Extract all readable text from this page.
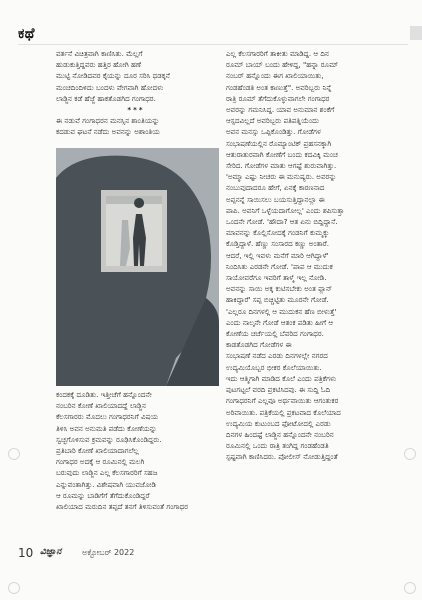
ಕಥೆ
ವರ್ತನೆ ವಿಚಿತ್ರವಾಗಿ ಕಾಣಿಸಿತು. ಮೆಲ್ಲಗೆ
ಹುಡುಕುತ್ತಿದ್ದವರು ಹತ್ತಿರ ಹೋಗಿ ಹಣೆ
ಮುಟ್ಟಿ ನೋಡಿದವರ ಕೈಯನ್ನು ದೂರ ಸರಿಸಿ ಧಡಕ್ಕನೆ
ಮಂಚದಿಂದಿಳಿದು ಬಂದಳು ವೇಗವಾಗಿ ಹೋದಳು
ಲಾಡ್ಜಿನ ಕಡೆ ಹೆಜ್ಜೆ ಹಾಕತೊಡಗಿದ ಗಂಗಾಧರ.
***
ಈ ನಡುವೆ ಗಂಗಾಧರನ ಮನಸ್ಸಿನ ಶಾಂತಿಯನ್ನು
ಕದಡುವ ಘಟನೆ ನಡೆದು ಅವನನ್ನು ಅಶಾಂತಿಯ
ಕಂದಕಕ್ಕೆ ದೂಡಿತು. ಇತ್ತೀಚೆಗೆ ಹನ್ನೊಂದನೇ
ನಂಬರಿನ ಕೋಣೆ ಖಾಲಿಯಾದದ್ದೆ ಲಾಡ್ಜಿನ
ಕೆಲಸಗಾರರು ಮೊದಲು ಗಂಗಾಧರನಿಗೆ ವಿಷಯ
ತಿಳಿಸಿ ಅವನ ಅನುಮತಿ ಪಡೆದು ಕೋಣೆಯನ್ನು
ಸ್ವಚ್ಛಗೊಳಿಸುವ ಕ್ರಮವನ್ನು ರೂಢಿಸಿಕೊಂಡಿದ್ದರು.
ಪ್ರತಿಬಾರಿ ಕೋಣೆ ಖಾಲಿಯಾದಾಗಲೆಲ್ಲ
ಗಂಗಾಧರ ಅದಕ್ಕೆ ಆ ರೂಮಿನಲ್ಲಿ ಮಲಗಿ
ಬರುವುದು ಲಾಡ್ಜಿನ ಎಲ್ಲ ಕೆಲಸಗಾರರಿಗೆ ಸಹಜ
ಎನ್ನುವಂತಾಗಿತ್ತು. ವಿಶೇಷವಾಗಿ ಯುವಜೋಡಿ
ಆ ರೂಮನ್ನು ಬಾಡಿಗೆಗೆ ತೆಗೆದುಕೊಂಡಿದ್ದರೆ
ಖಾಲಿಯಾದ ಮರುದಿನ ತಪ್ಪದೆ ತನಗೆ ತಿಳಿಸುವಂತೆ ಗಂಗಾಧರ
ಎಲ್ಲ ಕೆಲಸಗಾರರಿಗೆ ತಾಕೀತು ಮಾಡಿದ್ದ. ಆ ದಿನ
ರೂಮ್ ಬಾಯ್ ಬಂದು ಹೇಳಿದ್ದ, "ಹನ್ನಾ ರೂಮ್
ನಂಬರ್ ಹನ್ನೊಂದು ಈಗ ಖಾಲಿಯಾಯಿತು,
ಗಂಡಹೆಂಡತಿ ಅಂತ ಕಾಣುತ್ತೆ". ಅವರಿಬ್ಬರು ನಿನ್ನೆ
ರಾತ್ರಿ ರೂಮ್ ತೆಗೆದುಕೊಳ್ಳುವಾಗಲೇ ಗಂಗಾಧರ
ಅವರನ್ನು ಗಮನಿಸಿದ್ದ. ಯಾವ ಅನುಮಾನ ಶಂಕೆಗೆ
ಆಸ್ಪದವಿಲ್ಲದೆ ಅವರಿಬ್ಬರು ಪತಿಪತ್ನಿಯೆಂದು
ಅವನ ಮನಸ್ಸು ಒಪ್ಪಿಕೊಂಡಿತ್ತು. ಗೋಡೆಗಳ
ಸಂಭಾಷಣೆಯಲ್ಲಿನ ರೊಮ್ಯಾಂಟಿಕ್ ಪ್ರಹಸನಕ್ಕಾಗಿ
ಆತುರಾತುರವಾಗಿ ಕೋಣೆಗೆ ಬಂದು ಕದವಿಕ್ಕಿ ಮಂಚ
ಸೇರಿದ. ಗೋಡೆಗಳ ಮಾತು ಆಗಷ್ಟೆ ಶುರುವಾಗಿತ್ತು.
'ಅಮ್ಮಾ ಎಷ್ಟು ನೀಚರು ಈ ಮನುಷ್ಯರು. ಅವರನ್ನು
ನಂಬುವುದಾದರೂ ಹೇಗೆ, ಏನಕ್ಕೆ ಕಾರಣನಾದ
ಅಪ್ಪನನ್ನೆ ಸಾಯಿಸಲು ಬಯಸುತ್ತಿದ್ದಾನಲ್ಲಾ ಈ
ಪಾಪಿ. ಅವನಿಗೆ ಒಳ್ಳೆಯದಾಗೋಲ್ಲ' ಎಂದು ಶಪಿಸುತ್ತಾ
ಒಂದನೇ ಗೋಡೆ. 'ಹೌದಾ? ಆತ ಏನು ಬಿದ್ದಿದ್ದಾನೆ.
ಮಾವನನ್ನು ಕೊಲ್ಲಿಸೋದಕ್ಕೆ ಗಂಡನಿಗೆ ಕುಮ್ಮಕ್ಕು
ಕೊಡ್ತಿದ್ದಾಳೆ. ಹೆಣ್ಣು ಸಂಸಾರದ ಕಣ್ಣು ಅಂತಾರೆ.
ಆದರೆ, ಇಲ್ಲಿ ಇವಳು ಮನೆಗೆ ಮಾರಿ ಆಗಿದ್ದಾಳೆ'
ನಿಂದಿಸಿತು ಎರಡನೇ ಗೋಡೆ. 'ಪಾಪ ಆ ಮುದುಕ
ಸಾಯೋವರೆಗೂ ಇವರಿಗೆ ತಾಳ್ಮೆ ಇಲ್ಲ ನೋಡಿ.
ಅವನನ್ನು ಸಾಯಿ ಅಕ್ಕ ಕುಟಿಸಬೇಕು ಅಂತ ಪ್ಲಾನ್
ಹಾಕಿದ್ದಾರೆ' ಸಪ್ಪ ಬಿಚ್ಚಿಟ್ಟಿತು ಮೂರನೇ ಗೋಡೆ.
'ಎಲ್ಲರೂ ದಿನಗಳಲ್ಲಿ ಆ ಮುದುಕನ ಹೆಣ ಬೀಳುತ್ತೆ'
ಎಂದು ನಾಲ್ಕನೇ ಗೋಡೆ ಆತಂಕ ಪಡಿತು ಹೀಗೆ ಆ
ಕೋಣೆಯ ಚರ್ಚೆಯಲ್ಲಿ ಬೆವರಿದ ಗಂಗಾಧರ.
ಕಾಡತೊಡಗಿದ ಗೋಡೆಗಳ ಈ
ಸಂಭಾಷಣೆ ನಡೆದ ಎರಡು ದಿನಗಳಲ್ಲೇ ನಗರದ
ಉದ್ಯಮಿಯೊಬ್ಬರ ಭೀಕರ ಕೊಲೆಯಾಯಿತು.
ಇದು ಆತ್ಮಿಗಾಗಿ ಮಾಡಿದ ಕೊಲೆ ಎಂದು ಪತ್ರಿಕೆಗಳು
ಪುಟಗಟ್ಟಲೆ ವರದಿ ಪ್ರಕಟಿಸಿದವು. ಈ ಸುದ್ದಿ ಓದಿ
ಗಂಗಾಧರನಿಗೆ ಎಲ್ಲವೂ ಅರ್ಥವಾಯಿತು ಆಗಂತುಕರ
ಅರಿವಾಯಿತು. ಪತ್ರಿಕೆಯಲ್ಲಿ ಪ್ರಕಟವಾದ ಕೊಲೆಯಾದ
ಉದ್ಯಮಿಯ ಕುಟುಂಬದ ಫೋಟೋದಲ್ಲಿ ಎರಡು
ದಿನಗಳ ಹಿಂದಷ್ಟೆ ಲಾಡ್ಜಿನ ಹನ್ನೊಂದನೇ ನಂಬರಿನ
ರೂಮಿನಲ್ಲಿ ಒಂದು ರಾತ್ರಿ ತಂಗಿದ್ದ ಗಂಡಹೆಂಡತಿ
ಸ್ಪಷ್ಟವಾಗಿ ಕಾಣಿಸಿದರು. ಪೋಲೀಸ್ ನೋಡುತ್ತಿದ್ದಂತೆ
10 ವಿಜ್ಞಾನ	ಅಕ್ಟೋಬರ್ 2022
